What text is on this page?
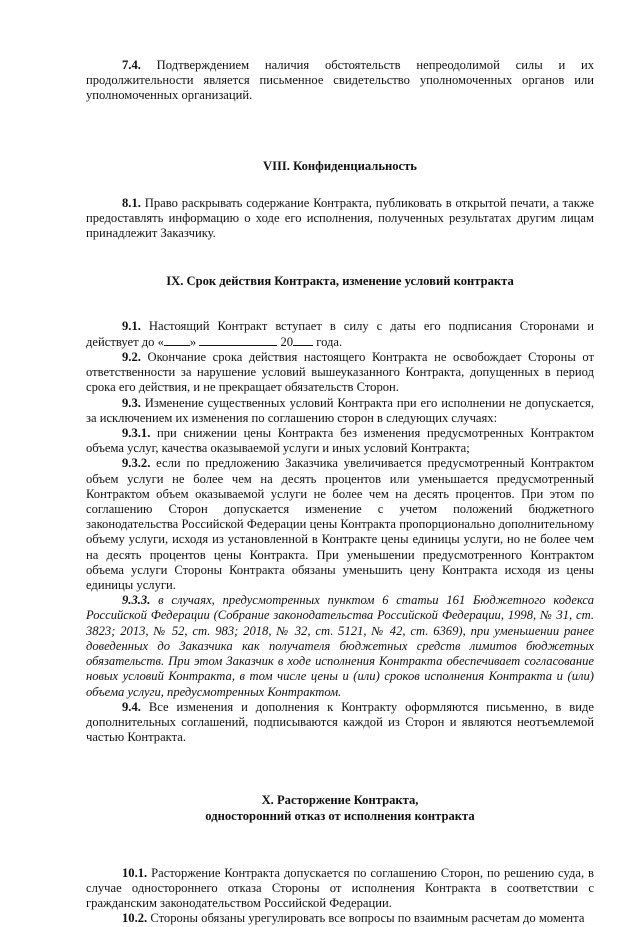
7.4. Подтверждением наличия обстоятельств непреодолимой силы и их продолжительности является письменное свидетельство уполномоченных органов или уполномоченных организаций.

VIII. Конфиденциальность

8.1. Право раскрывать содержание Контракта, публиковать в открытой печати, а также предоставлять информацию о ходе его исполнения, полученных результатах другим лицам принадлежит Заказчику.

IX. Срок действия Контракта, изменение условий контракта

9.1. Настоящий Контракт вступает в силу с даты его подписания Сторонами и действует до « »	20 года.

9.2. Окончание срока действия настоящего Контракта не освобождает Стороны от ответственности за нарушение условий вышеуказанного Контракта, допущенных в период срока его действия, и не прекращает обязательств Сторон.

9.3. Изменение существенных условий Контракта при его исполнении не допускается, за исключением их изменения по соглашению сторон в следующих случаях:

9.3.1. при снижении цены Контракта без изменения предусмотренных Контрактом объема услуг, качества оказываемой услуги и иных условий Контракта;

9.3.2. если по предложению Заказчика увеличивается предусмотренный Контрактом объем услуги не более чем на десять процентов или уменьшается предусмотренный Контрактом объем оказываемой услуги не более чем на десять процентов. При этом по соглашению Сторон допускается изменение с учетом положений бюджетного законодательства Российской Федерации цены Контракта пропорционально дополнительному объему услуги, исходя из установленной в Контракте цены единицы услуги, но не более чем на десять процентов цены Контракта. При уменьшении предусмотренного Контрактом объема услуги Стороны Контракта обязаны уменьшить цену Контракта исходя из цены единицы услуги.

9.3.3. в случаях, предусмотренных пунктом 6 статьи 161 Бюджетного кодекса Российской Федерации (Собрание законодательства Российской Федерации, 1998, № 31, ст. 3823; 2013, № 52, ст. 983; 2018, № 32, ст. 5121, № 42, ст. 6369), при уменьшении ранее доведенных до Заказчика как получателя бюджетных средств лимитов бюджетных обязательств. При этом Заказчик в ходе исполнения Контракта обеспечивает согласование новых условий Контракта, в том числе цены и (или) сроков исполнения Контракта и (или) объема услуги, предусмотренных Контрактом.

9.4. Все изменения и дополнения к Контракту оформляются письменно, в виде дополнительных соглашений, подписываются каждой из Сторон и являются неотъемлемой частью Контракта.

X. Расторжение Контракта,
односторонний отказ от исполнения контракта

10.1. Расторжение Контракта допускается по соглашению Сторон, по решению суда, в случае одностороннего отказа Стороны от исполнения Контракта в соответствии с гражданским законодательством Российской Федерации.

10.2. Стороны обязаны урегулировать все вопросы по взаимным расчетам до момента
